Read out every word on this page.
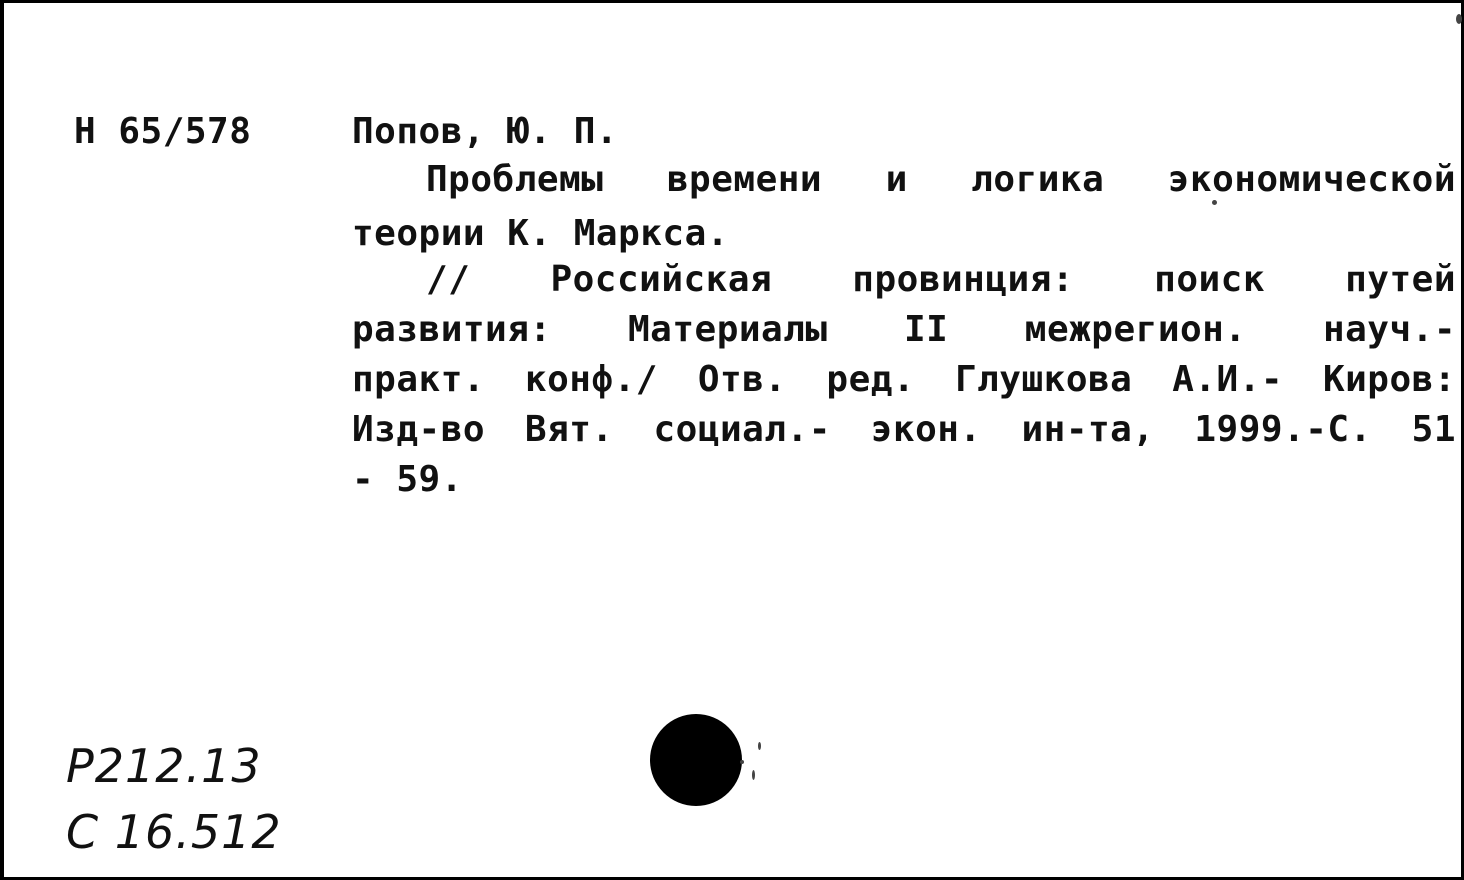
Н 65/578	Попов, Ю. П.
Проблемы времени и логика экономической
теории К. Маркса.
// Российская провинция: поиск путей
развития: Материалы II межрегион. науч.-
практ. конф./ Отв. ред. Глушкова А.И.- Киров:
Изд-во Вят. социал.- экон. ин-та, 1999.-С. 51
- 59.
Р212.13
С 16.512
